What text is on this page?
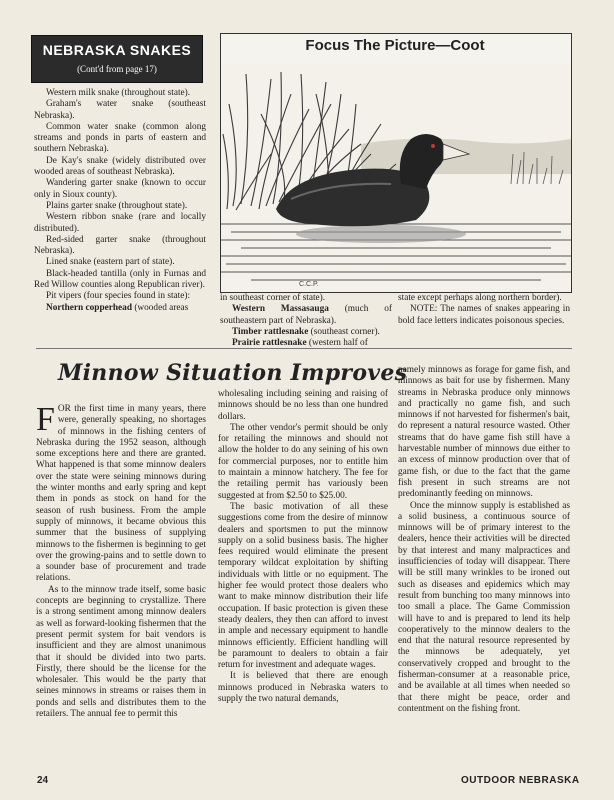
NEBRASKA SNAKES
(Cont'd from page 17)

Western milk snake (throughout state).

Graham's water snake (southeast Nebraska).

Common water snake (common along streams and ponds in parts of eastern and southern Nebraska).

De Kay's snake (widely distributed over wooded areas of southeast Nebraska).

Wandering garter snake (known to occur only in Sioux county).

Plains garter snake (throughout state).

Western ribbon snake (rare and locally distributed).

Red-sided garter snake (throughout Nebraska).

Lined snake (eastern part of state).

Black-headed tantilla (only in Furnas and Red Willow counties along Republican river).

Pit vipers (four species found in state):

Northern copperhead (wooded areas

C.C.P.
Focus The Picture—Coot

in southeast corner of state).

Western Massasauga (much of southeastern part of Nebraska).

Timber rattlesnake (southeast corner).

Prairie rattlesnake (western half of

state except perhaps along northern border).

NOTE: The names of snakes appearing in bold face letters indicates poisonous species.

Minnow Situation Improves

FOR the first time in many years, there were, generally speaking, no shortages of minnows in the fishing centers of Nebraska during the 1952 season, although some exceptions here and there are granted. What happened is that some minnow dealers over the state were seining minnows during the winter months and early spring and kept them in ponds as stock on hand for the season of rush business. From the ample supply of minnows, it became obvious this summer that the business of supplying minnows to the fishermen is beginning to get over the growing-pains and to settle down to a sounder base of procurement and trade relations.

As to the minnow trade itself, some basic concepts are beginning to crystallize. There is a strong sentiment among minnow dealers as well as forward-looking fishermen that the present permit system for bait vendors is insufficient and they are almost unanimous that it should be divided into two parts. Firstly, there should be the license for the wholesaler. This would be the party that seines minnows in streams or raises them in ponds and sells and distributes them to the retailers. The annual fee to permit this

wholesaling including seining and raising of minnows should be no less than one hundred dollars.

The other vendor's permit should be only for retailing the minnows and should not allow the holder to do any seining of his own for commercial purposes, nor to entitle him to maintain a minnow hatchery. The fee for the retailing permit has variously been suggested at from $2.50 to $25.00.

The basic motivation of all these suggestions come from the desire of minnow dealers and sportsmen to put the minnow supply on a solid business basis. The higher fees required would eliminate the present temporary wildcat exploitation by shifting individuals with little or no equipment. The higher fee would protect those dealers who want to make minnow distribution their life occupation. If basic protection is given these steady dealers, they then can afford to invest in ample and necessary equipment to handle minnows efficiently. Efficient handling will be paramount to dealers to obtain a fair return for investment and adequate wages.

It is believed that there are enough minnows produced in Nebraska waters to supply the two natural demands,

namely minnows as forage for game fish, and minnows as bait for use by fishermen. Many streams in Nebraska produce only minnows and practically no game fish, and such minnows if not harvested for fishermen's bait, do represent a natural resource wasted. Other streams that do have game fish still have a harvestable number of minnows due either to an excess of minnow production over that of game fish, or due to the fact that the game fish present in such streams are not predominantly feeding on minnows.

Once the minnow supply is established as a solid business, a continuous source of minnows will be of primary interest to the dealers, hence their activities will be directed by that interest and many malpractices and insufficiencies of today will disappear. There will be still many wrinkles to be ironed out such as diseases and epidemics which may result from bunching too many minnows into too small a place. The Game Commission will have to and is prepared to lend its help cooperatively to the minnow dealers to the end that the natural resource represented by the minnows be adequately, yet conservatively cropped and brought to the fisherman-consumer at a reasonable price, and be available at all times when needed so that there might be peace, order and contentment on the fishing front.

24	OUTDOOR NEBRASKA
